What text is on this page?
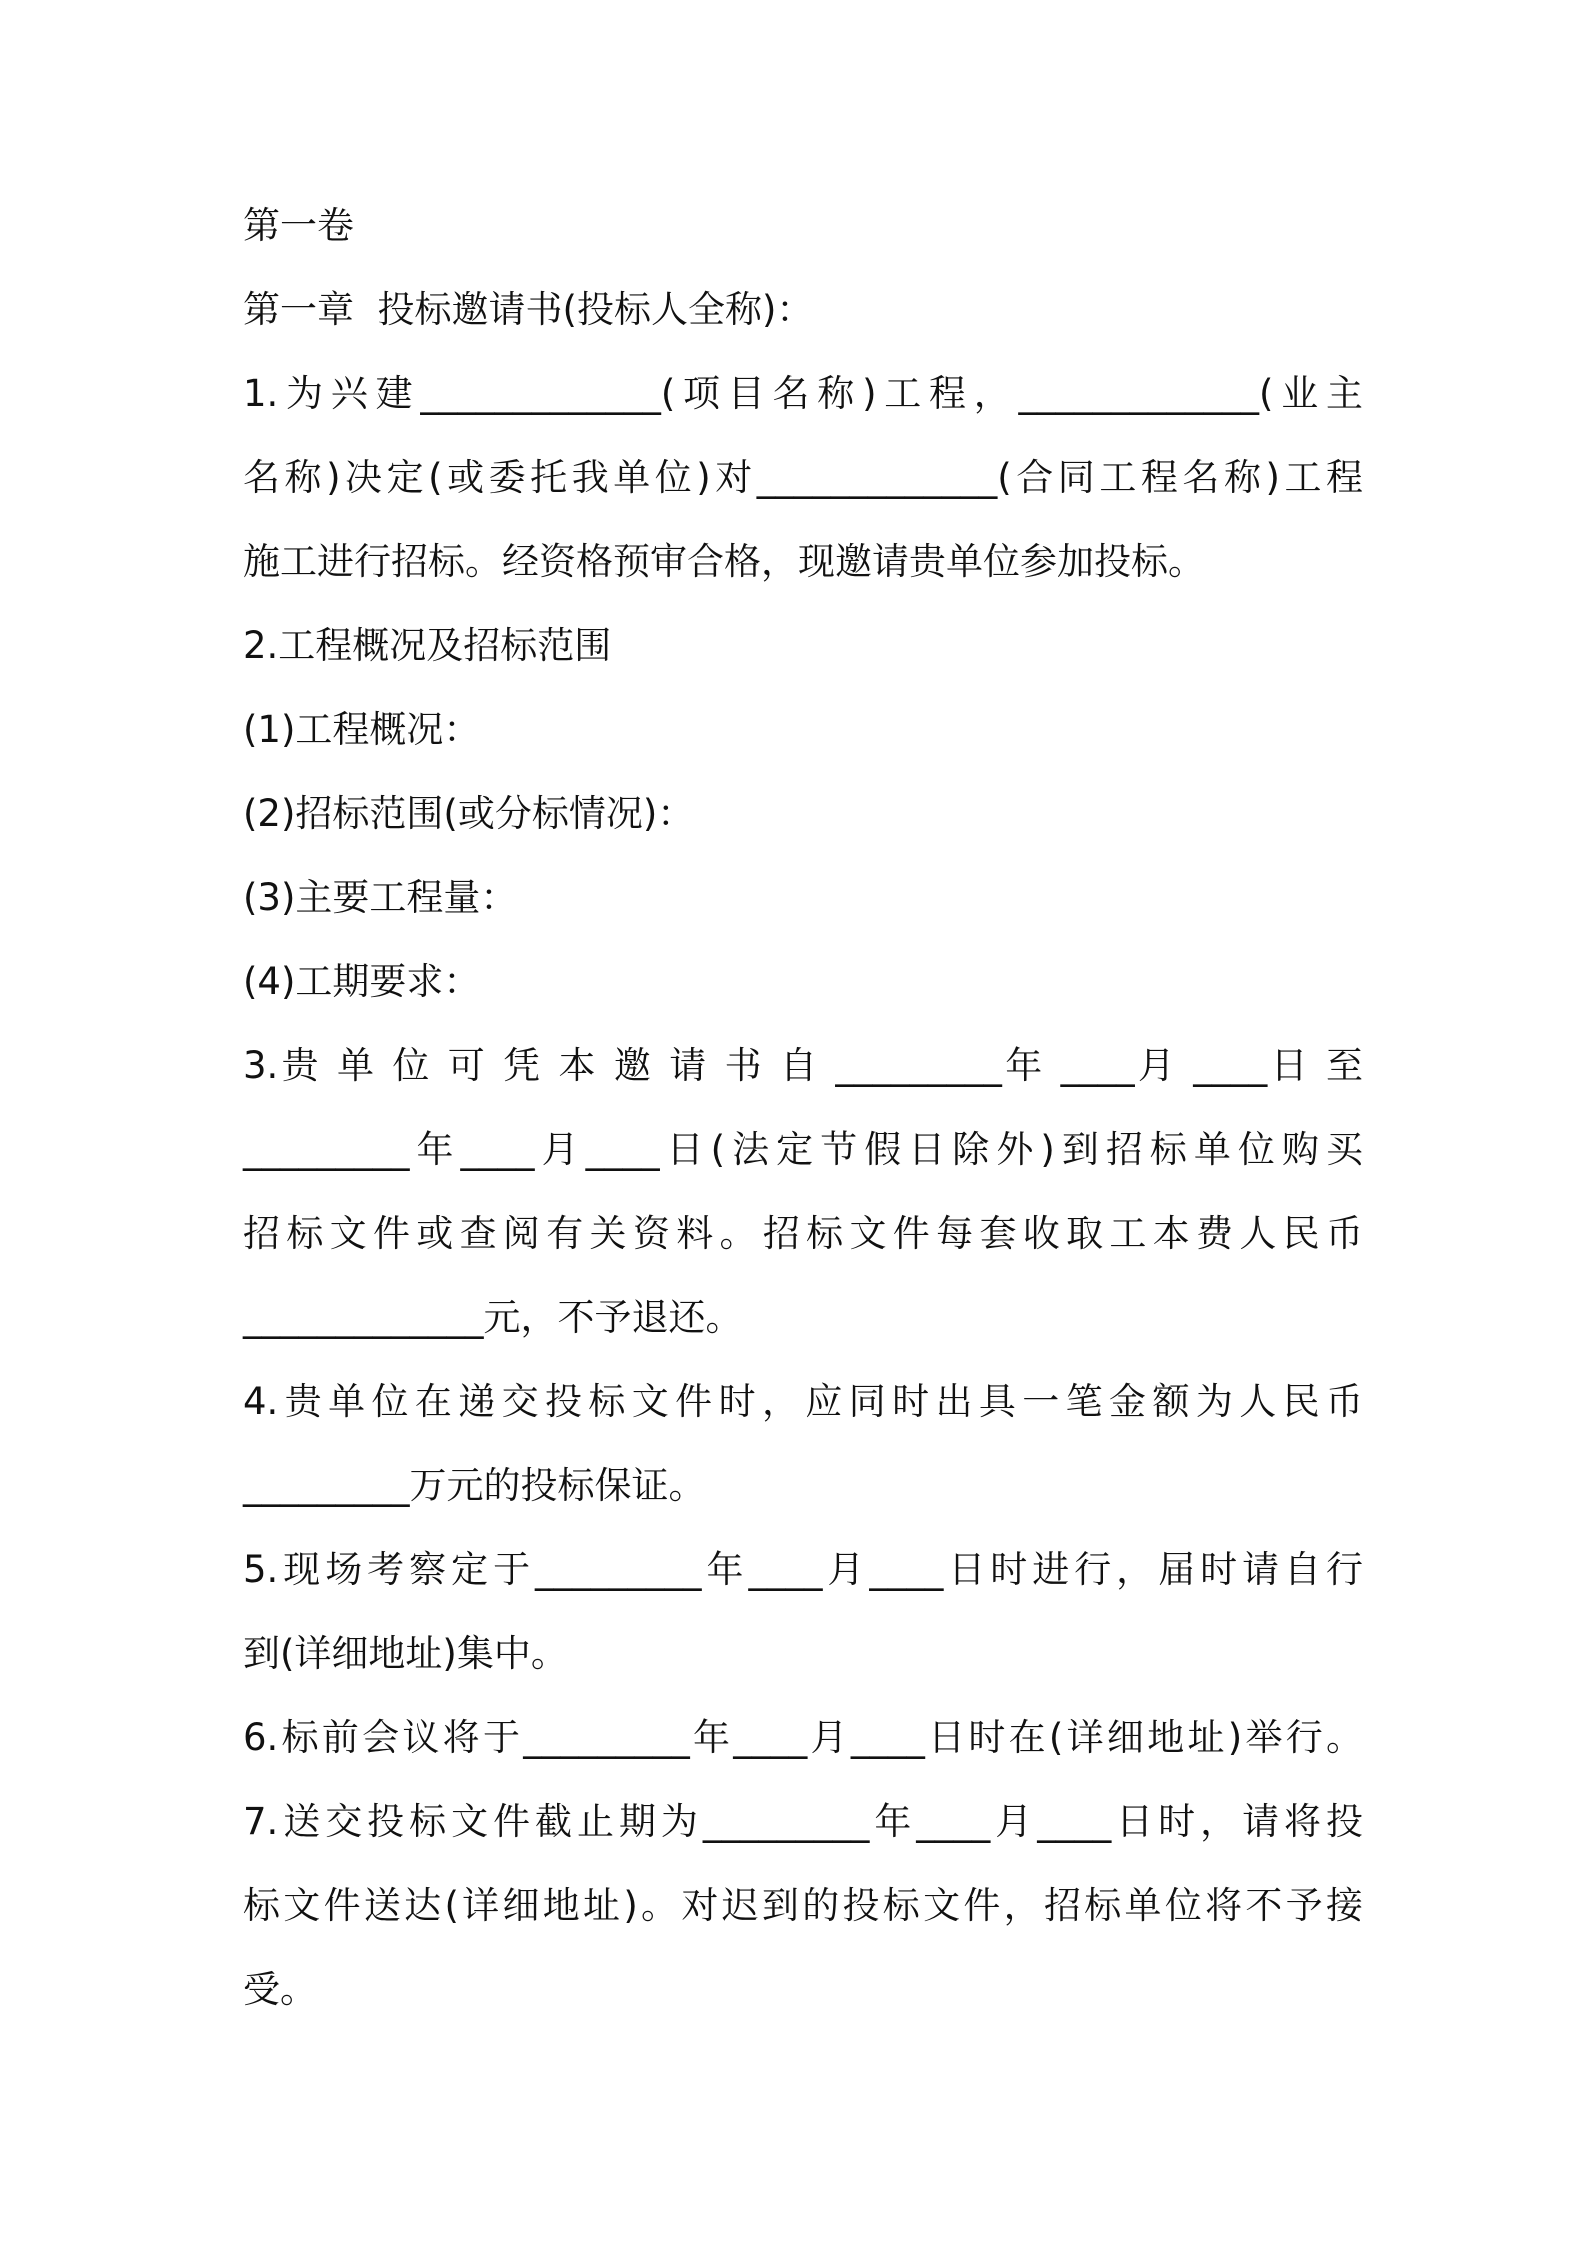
第一卷
第一章  投标邀请书(投标人全称)：
1.为兴建_____________(项目名称)工程，_____________(业主
名称)决定(或委托我单位)对_____________(合同工程名称)工程
施工进行招标。经资格预审合格，现邀请贵单位参加投标。
2.工程概况及招标范围
(1)工程概况：
(2)招标范围(或分标情况)：
(3)主要工程量：
(4)工期要求：
3.贵 单 位 可 凭 本 邀 请 书 自 _________年 ____月 ____日 至
_________年____月____日(法定节假日除外)到招标单位购买
招标文件或查阅有关资料。招标文件每套收取工本费人民币
_____________元，不予退还。
4.贵单位在递交投标文件时，应同时出具一笔金额为人民币
_________万元的投标保证。
5.现场考察定于_________年____月____日时进行，届时请自行
到(详细地址)集中。
6.标前会议将于_________年____月____日时在(详细地址)举行。
7.送交投标文件截止期为_________年____月____日时，请将投
标文件送达(详细地址)。对迟到的投标文件，招标单位将不予接
受。
